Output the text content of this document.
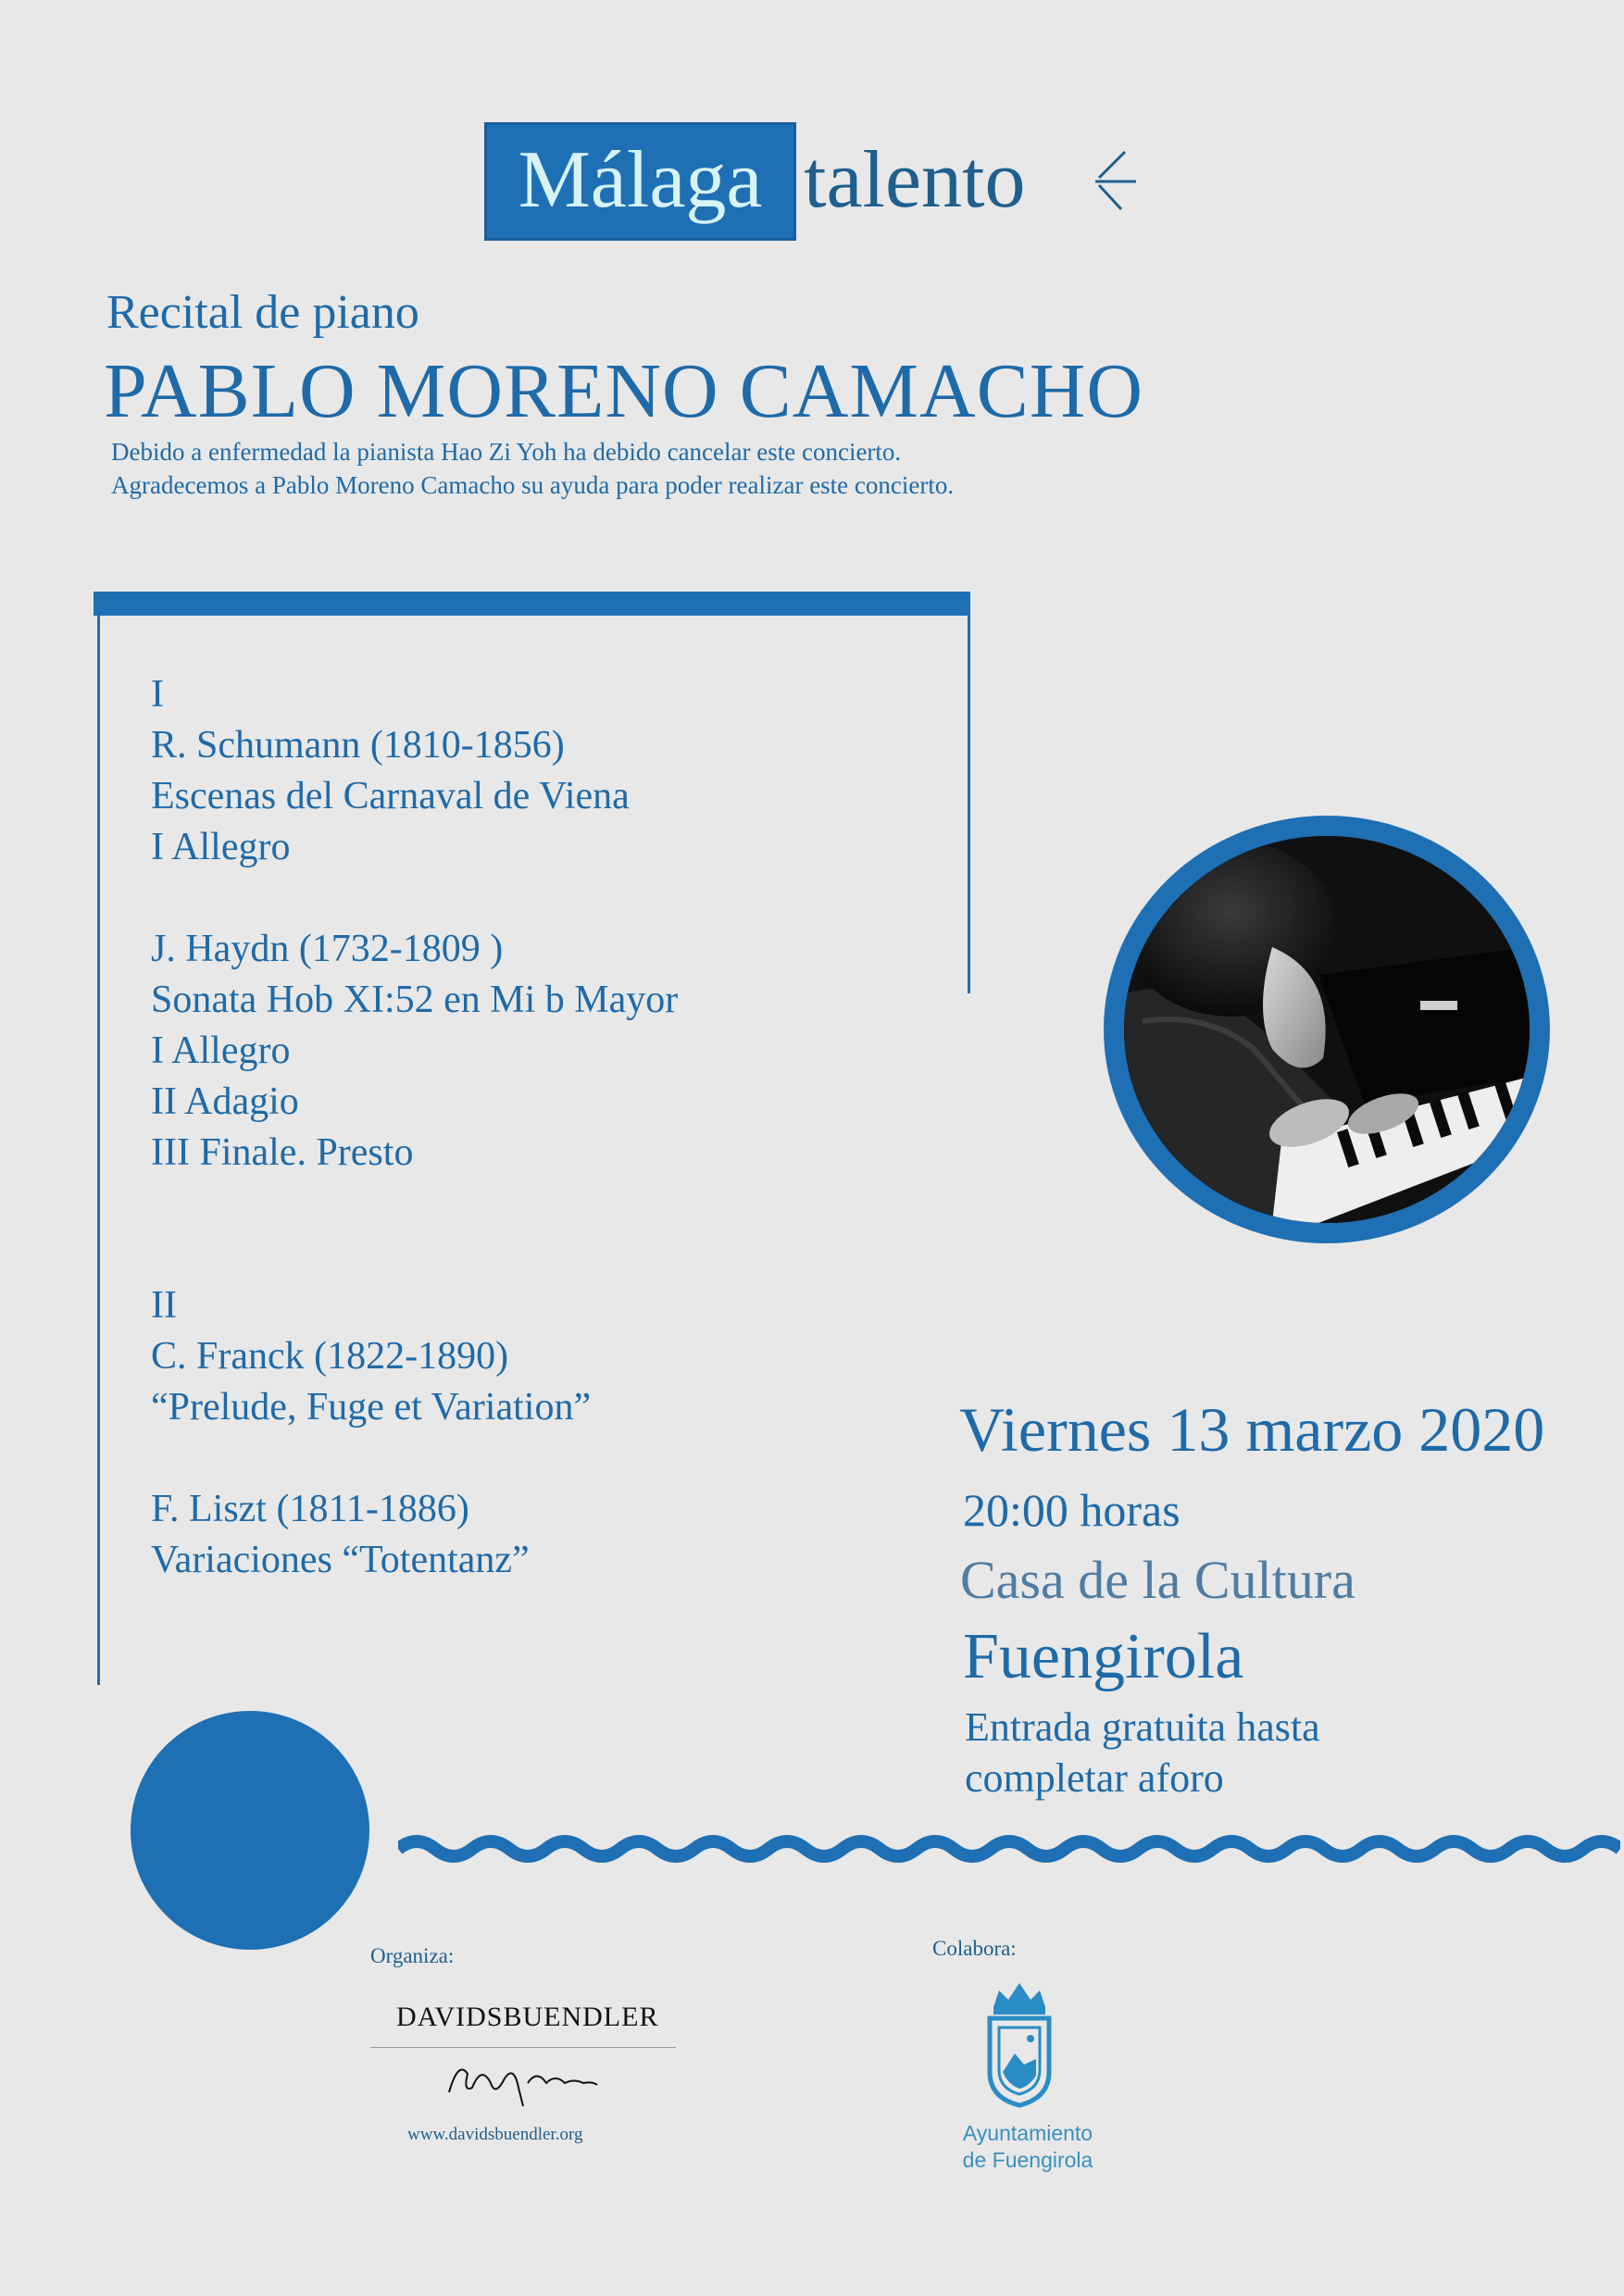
Málaga talento
Recital de piano
PABLO MORENO CAMACHO
Debido a enfermedad la pianista Hao Zi Yoh ha debido cancelar este concierto.
Agradecemos a Pablo Moreno Camacho su ayuda para poder realizar este concierto.
I
R. Schumann (1810-1856)
Escenas del Carnaval de Viena
I Allegro
J. Haydn (1732-1809 )
Sonata Hob XI:52 en Mi b Mayor
I Allegro
II Adagio
III Finale. Presto
II
C. Franck (1822-1890)
“Prelude, Fuge et Variation”
F. Liszt (1811-1886)
Variaciones “Totentanz”
Viernes 13 marzo 2020
20:00 horas
Casa de la Cultura
Fuengirola
Entrada gratuita hasta
completar aforo
Organiza:
DAVIDSBUENDLER
www.davidsbuendler.org
Colabora:
Ayuntamiento
de Fuengirola
